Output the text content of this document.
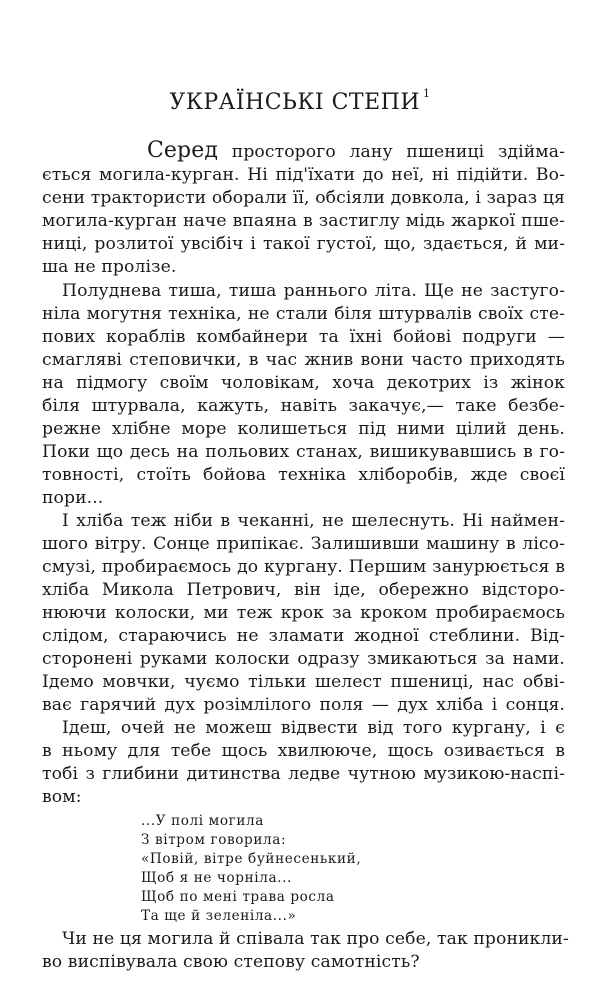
УКРАЇНСЬКІ СТЕПИ $^1$
Серед просторого лану пшениці здійма-
ється могила-курган. Ні під'їхати до неї, ні підійти. Во-
сени трактористи оборали її, обсіяли довкола, і зараз ця
могила-курган наче впаяна в застиглу мідь жаркої пше-
ниці, розлитої увсібіч і такої густої, що, здається, й ми-
ша не пролізе.
Полуднева тиша, тиша раннього літа. Ще не застуго-
ніла могутня техніка, не стали біля штурвалів своїх сте-
пових кораблів комбайнери та їхні бойові подруги —
смагляві степовички, в час жнив вони часто приходять
на підмогу своїм чоловікам, хоча декотрих із жінок
біля штурвала, кажуть, навіть закачує,— таке безбе-
режне хлібне море колишеться під ними цілий день.
Поки що десь на польових станах, вишикувавшись в го-
товності, стоїть бойова техніка хліборобів, жде своєї
пори...
І хліба теж ніби в чеканні, не шелеснуть. Ні наймен-
шого вітру. Сонце припікає. Залишивши машину в лісо-
смузі, пробираємось до кургану. Першим занурюється в
хліба Микола Петрович, він іде, обережно відсторо-
нюючи колоски, ми теж крок за кроком пробираємось
слідом, стараючись не зламати жодної стеблини. Від-
сторонені руками колоски одразу змикаються за нами.
Ідемо мовчки, чуємо тільки шелест пшениці, нас обві-
ває гарячий дух розімлілого поля — дух хліба і сонця.
Ідеш, очей не можеш відвести від того кургану, і є
в ньому для тебе щось хвилююче, щось озивається в
тобі з глибини дитинства ледве чутною музикою-наспі-
вом:
...У полі могила
З вітром говорила:
«Повій, вітре буйнесенький,
Щоб я не чорніла...
Щоб по мені трава росла
Та ще й зеленіла...»
Чи не ця могила й співала так про себе, так проникли-
во виспівувала свою степову самотність?
